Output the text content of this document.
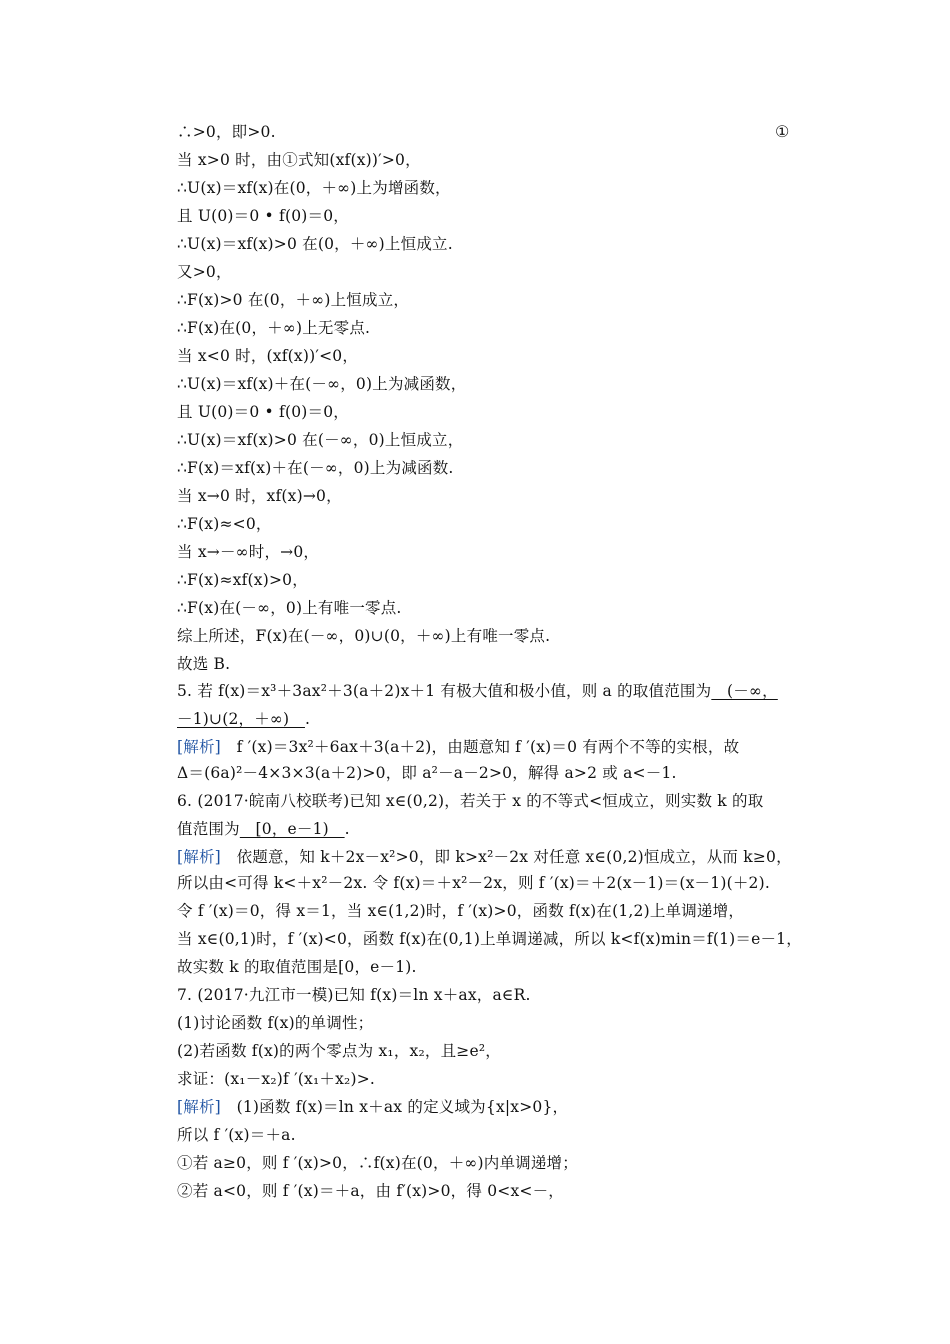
∴>0，即>0.	①
当 x>0 时，由①式知(xf(x))′>0，
∴U(x)＝xf(x)在(0，＋∞)上为增函数，
且 U(0)＝0 • f(0)＝0，
∴U(x)＝xf(x)>0 在(0，＋∞)上恒成立.
又>0，
∴F(x)>0 在(0，＋∞)上恒成立，
∴F(x)在(0，＋∞)上无零点.
当 x<0 时，(xf(x))′<0，
∴U(x)＝xf(x)＋在(－∞，0)上为减函数，
且 U(0)＝0 • f(0)＝0，
∴U(x)＝xf(x)>0 在(－∞，0)上恒成立，
∴F(x)＝xf(x)＋在(－∞，0)上为减函数.
当 x→0 时，xf(x)→0，
∴F(x)≈<0，
当 x→－∞时，→0，
∴F(x)≈xf(x)>0，
∴F(x)在(－∞，0)上有唯一零点.
综上所述，F(x)在(－∞，0)∪(0，＋∞)上有唯一零点.
故选 B.
5. 若 f(x)＝x³＋3ax²＋3(a＋2)x＋1 有极大值和极小值，则 a 的取值范围为　(－∞，
－1)∪(2，＋∞)　.
[解析]　f ′(x)＝3x²＋6ax＋3(a＋2)，由题意知 f ′(x)＝0 有两个不等的实根，故
Δ＝(6a)²－4×3×3(a＋2)>0，即 a²－a－2>0，解得 a>2 或 a<－1.
6. (2017·皖南八校联考)已知 x∈(0,2)，若关于 x 的不等式<恒成立，则实数 k 的取
值范围为　[0，e－1)　.
[解析]　依题意，知 k＋2x－x²>0，即 k>x²－2x 对任意 x∈(0,2)恒成立，从而 k≥0，
所以由<可得 k<＋x²－2x. 令 f(x)＝＋x²－2x，则 f ′(x)＝＋2(x－1)＝(x－1)(＋2).
令 f ′(x)＝0，得 x＝1，当 x∈(1,2)时，f ′(x)>0，函数 f(x)在(1,2)上单调递增，
当 x∈(0,1)时，f ′(x)<0，函数 f(x)在(0,1)上单调递减，所以 k<f(x)min＝f(1)＝e－1，
故实数 k 的取值范围是[0，e－1).
7. (2017·九江市一模)已知 f(x)＝ln x＋ax，a∈R.
(1)讨论函数 f(x)的单调性；
(2)若函数 f(x)的两个零点为 x₁，x₂，且≥e²，
求证：(x₁－x₂)f ′(x₁＋x₂)>.
[解析]　(1)函数 f(x)＝ln x＋ax 的定义域为{x|x>0}，
所以 f ′(x)＝＋a.
①若 a≥0，则 f ′(x)>0，∴f(x)在(0，＋∞)内单调递增；
②若 a<0，则 f ′(x)＝＋a，由 f′(x)>0，得 0<x<－，
